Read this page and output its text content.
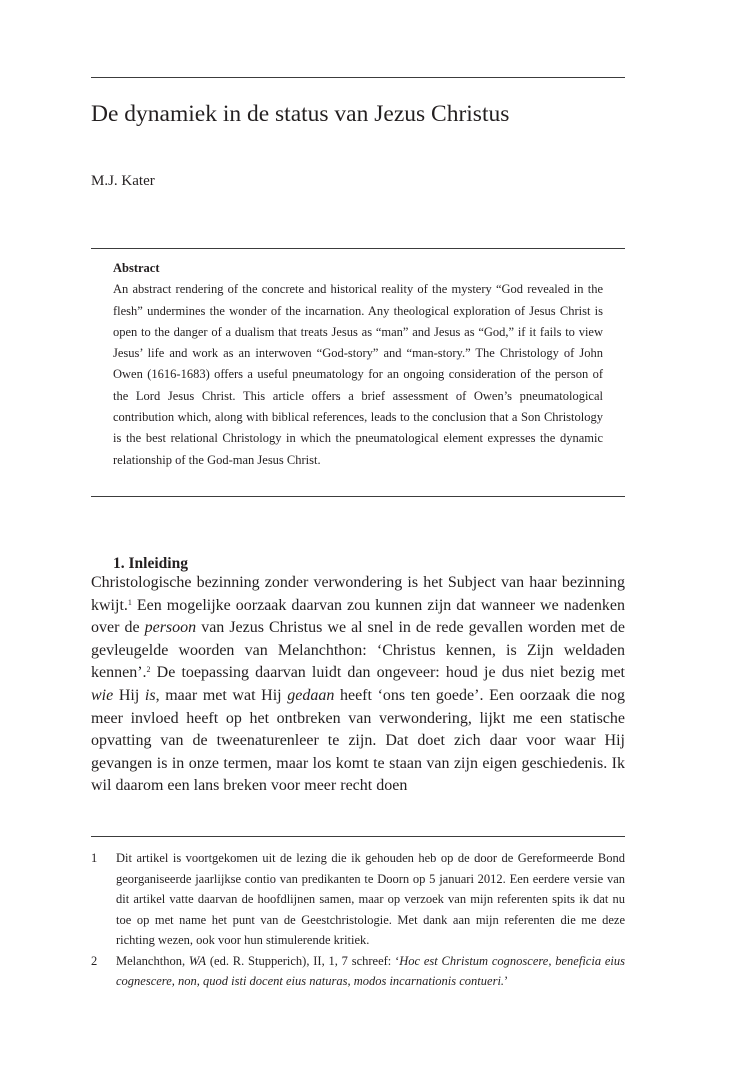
De dynamiek in de status van Jezus Christus
M.J. Kater
Abstract

An abstract rendering of the concrete and historical reality of the mystery “God revealed in the flesh” undermines the wonder of the incarnation. Any theological exploration of Jesus Christ is open to the danger of a dualism that treats Jesus as “man” and Jesus as “God,” if it fails to view Jesus’ life and work as an interwoven “God-story” and “man-story.” The Christology of John Owen (1616-1683) offers a useful pneumatology for an ongoing consideration of the person of the Lord Jesus Christ. This article offers a brief assessment of Owen’s pneumatological contribution which, along with biblical references, leads to the conclusion that a Son Christology is the best relational Christology in which the pneumatological element expresses the dynamic relationship of the God-man Jesus Christ.

1. Inleiding

Christologische bezinning zonder verwondering is het Subject van haar bezinning kwijt.$^1$ Een mogelijke oorzaak daarvan zou kunnen zijn dat wanneer we nadenken over de persoon van Jezus Christus we al snel in de rede gevallen worden met de gevleugelde woorden van Melanchthon: ‘Christus kennen, is Zijn weldaden kennen’.$^2$ De toepassing daarvan luidt dan ongeveer: houd je dus niet bezig met wie Hij is, maar met wat Hij gedaan heeft ‘ons ten goede’. Een oorzaak die nog meer invloed heeft op het ontbreken van verwondering, lijkt me een statische opvatting van de tweenaturenleer te zijn. Dat doet zich daar voor waar Hij gevangen is in onze termen, maar los komt te staan van zijn eigen geschiedenis. Ik wil daarom een lans breken voor meer recht doen

1 Dit artikel is voortgekomen uit de lezing die ik gehouden heb op de door de Gereformeerde Bond georganiseerde jaarlijkse contio van predikanten te Doorn op 5 januari 2012. Een eerdere versie van dit artikel vatte daarvan de hoofdlijnen samen, maar op verzoek van mijn referenten spits ik dat nu toe op met name het punt van de Geestchristologie. Met dank aan mijn referenten die me deze richting wezen, ook voor hun stimulerende kritiek.
2 Melanchthon, WA (ed. R. Stupperich), II, 1, 7 schreef: ‘Hoc est Christum cognoscere, beneficia eius cognescere, non, quod isti docent eius naturas, modos incarnationis contueri.’
